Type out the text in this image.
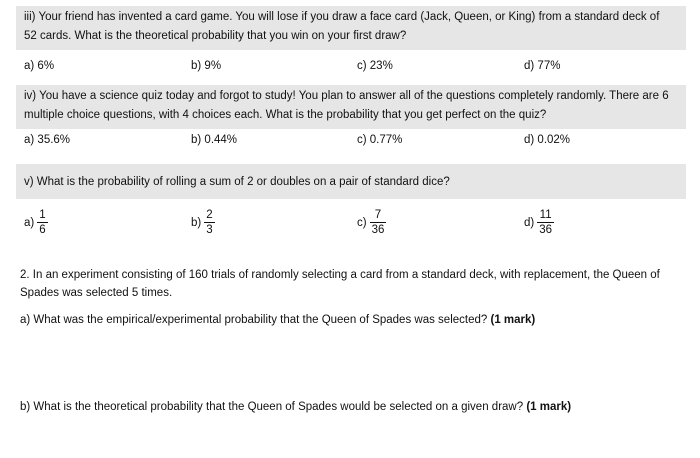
iii) Your friend has invented a card game. You will lose if you draw a face card (Jack, Queen, or King) from a standard deck of 52 cards. What is the theoretical probability that you win on your first draw?
a) 6%	b) 9%	c) 23%	d) 77%
iv) You have a science quiz today and forgot to study! You plan to answer all of the questions completely randomly. There are 6 multiple choice questions, with 4 choices each. What is the probability that you get perfect on the quiz?
a) 35.6%	b) 0.44%	c) 0.77%	d) 0.02%
v) What is the probability of rolling a sum of 2 or doubles on a pair of standard dice?
$a) \frac{1}{6}$	$b) \frac{2}{3}$	$c) \frac{7}{36}$	$d) \frac{11}{36}$
2. In an experiment consisting of 160 trials of randomly selecting a card from a standard deck, with replacement, the Queen of Spades was selected 5 times.
a) What was the empirical/experimental probability that the Queen of Spades was selected? (1 mark)
b) What is the theoretical probability that the Queen of Spades would be selected on a given draw? (1 mark)
